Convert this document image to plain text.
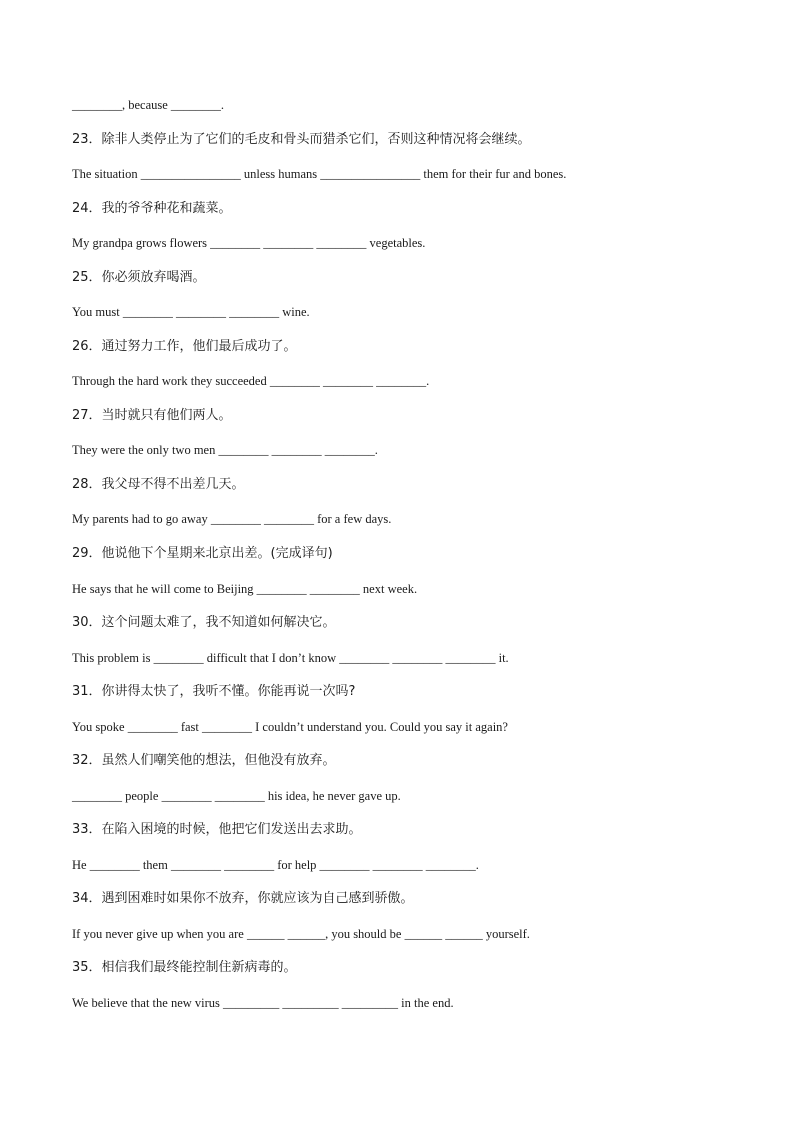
________, because ________.
23．除非人类停止为了它们的毛皮和骨头而猎杀它们，否则这种情况将会继续。
The situation ________________ unless humans ________________ them for their fur and bones.
24．我的爷爷种花和蔬菜。
My grandpa grows flowers ________ ________ ________ vegetables.
25．你必须放弃喝酒。
You must ________ ________ ________ wine.
26．通过努力工作，他们最后成功了。
Through the hard work they succeeded ________ ________ ________.
27．当时就只有他们两人。
They were the only two men ________ ________ ________.
28．我父母不得不出差几天。
My parents had to go away ________ ________ for a few days.
29．他说他下个星期来北京出差。(完成译句)
He says that he will come to Beijing ________ ________ next week.
30．这个问题太难了，我不知道如何解决它。
This problem is ________ difficult that I don’t know ________ ________ ________ it.
31．你讲得太快了，我听不懂。你能再说一次吗?
You spoke ________ fast ________ I couldn’t understand you. Could you say it again?
32．虽然人们嘲笑他的想法，但他没有放弃。
________ people ________ ________ his idea, he never gave up.
33．在陷入困境的时候，他把它们发送出去求助。
He ________ them ________ ________ for help ________ ________ ________.
34．遇到困难时如果你不放弃，你就应该为自己感到骄傲。
If you never give up when you are ______ ______, you should be ______ ______ yourself.
35．相信我们最终能控制住新病毒的。
We believe that the new virus _________ _________ _________ in the end.
